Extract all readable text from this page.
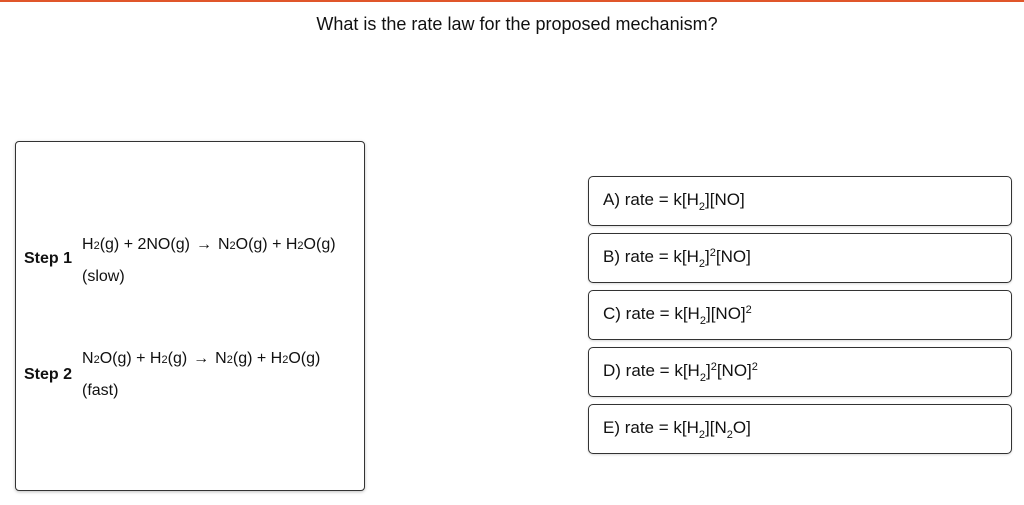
What is the rate law for the proposed mechanism?
Step 1
H2(g) + 2NO(g) → N2O(g) + H2O(g)
(slow)
Step 2
N2O(g) + H2(g) → N2(g) + H2O(g)
(fast)
A) rate = $k[H_2][NO]$
B) rate = $k[H_2]^2[NO]$
C) rate = $k[H_2][NO]^2$
D) rate = $k[H_2]^2[NO]^2$
E) rate = $k[H_2][N_2O]$
